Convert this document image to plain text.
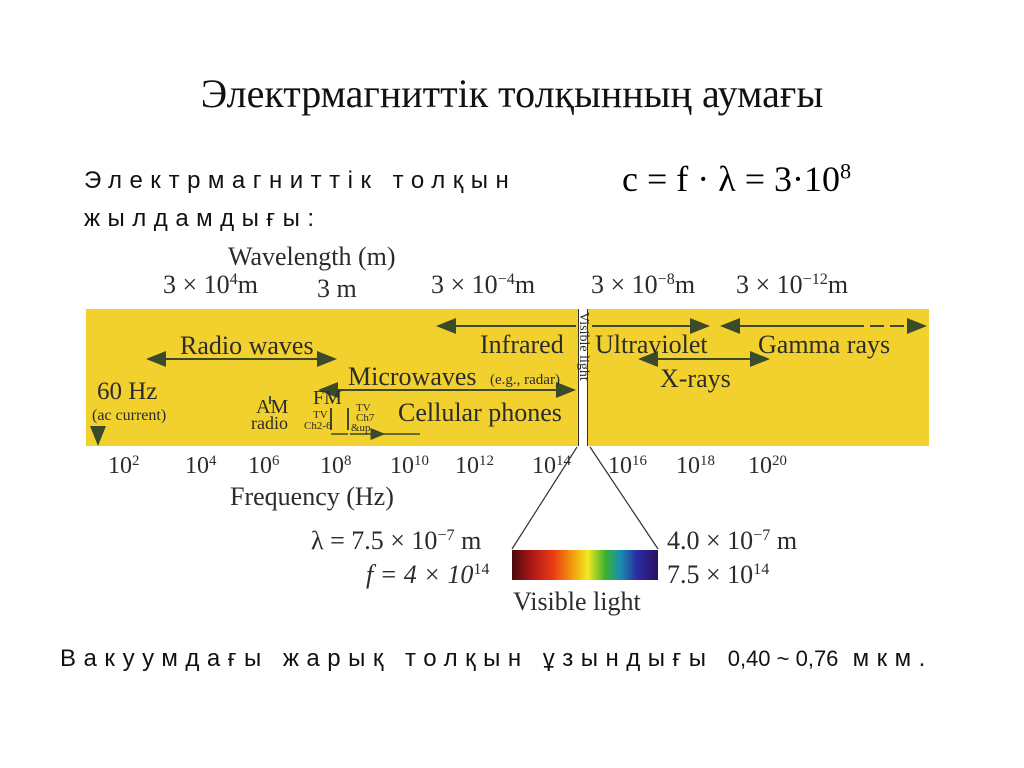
Электрмагниттік толқынның аумағы
Электрмагниттік толқын
жылдамдығы:
$c = f \cdot \lambda = 3\cdot 10^8$
Wavelength (m)
$3 \times 10^4m$ 3 m	$3 \times 10^{-4}m$ $3 \times 10^{-8}m$ $3 \times 10^{-12}m$
Visible light
Radio waves	Infrared Ultraviolet Gamma rays
Microwaves (e.g., radar)	X-rays
Cellular phones
60 Hz
(ac current)	AM
radio
FM
TV
Ch2-6
TV
Ch7
&up
$10^2$ $10^4$ $10^6$ $10^8$ $10^{10}$ $10^{12}$ $10^{14}$ $10^{16}$ $10^{18}$ $10^{20}$
Frequency (Hz)
$\lambda = 7.5 \times 10^{-7}$ m
$f = 4 \times 10^{14}$
$4.0 \times 10^{-7}$ m
$7.5 \times 10^{14}$
Visible light
Вакуумдағы жарық толқын ұзындығы 0,40 ~ 0,76 мкм.
